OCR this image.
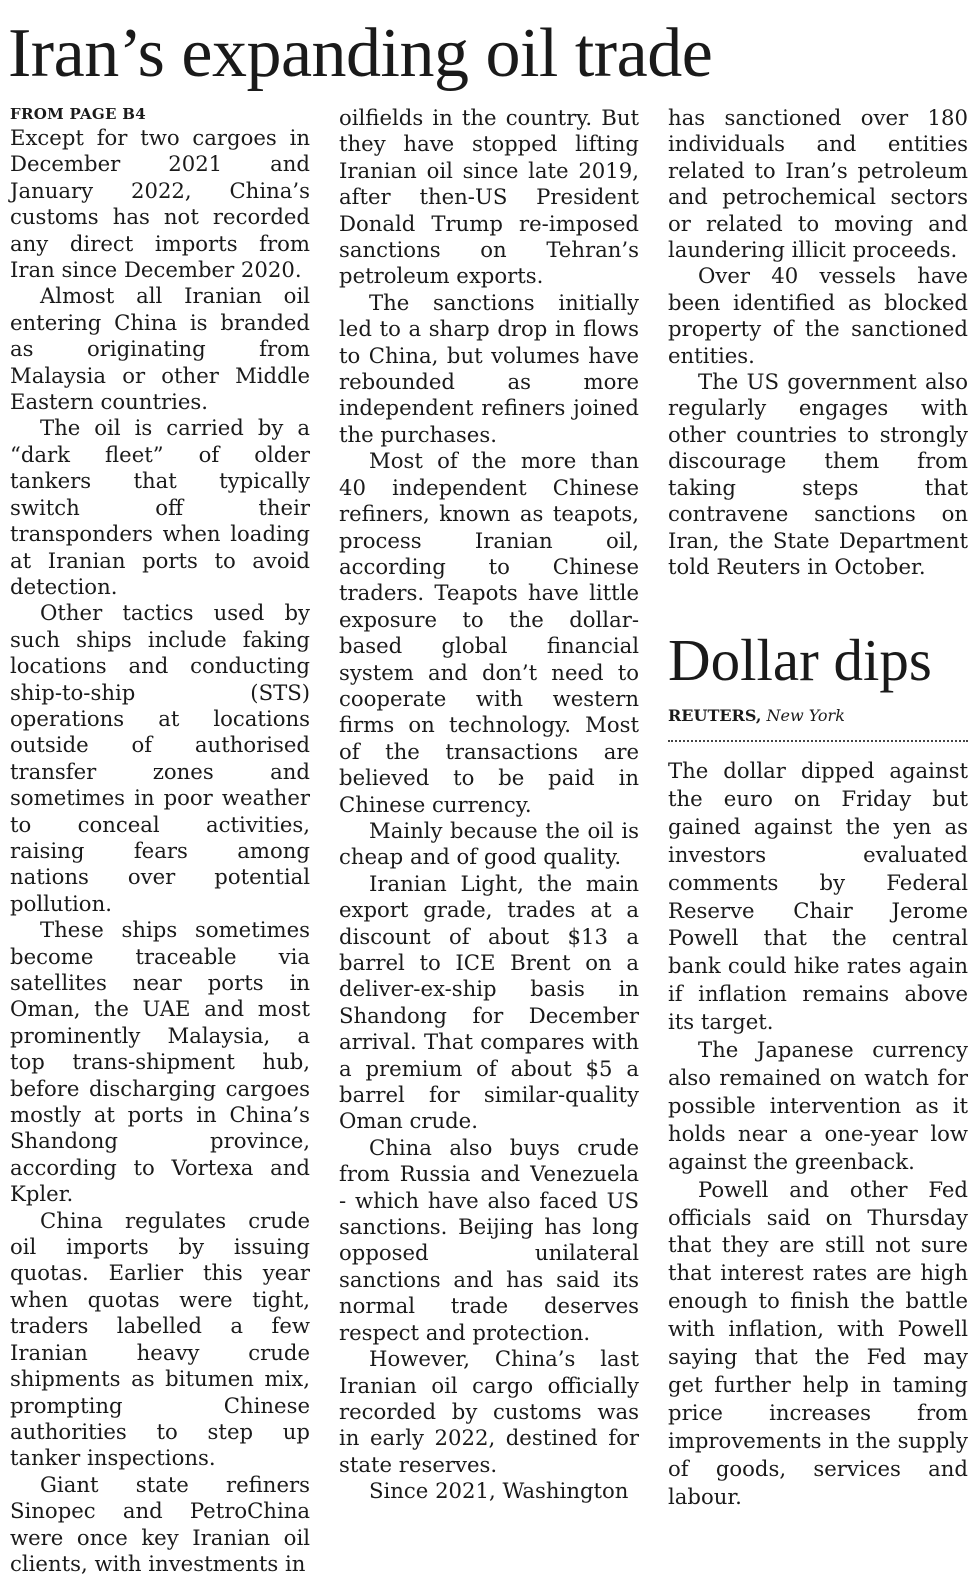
Iran’s expanding oil trade
FROM PAGE B4

Except for two cargoes in December 2021 and January 2022, China’s customs has not recorded any direct imports from Iran since December 2020.

Almost all Iranian oil entering China is branded as originating from Malaysia or other Middle Eastern countries.

The oil is carried by a “dark fleet” of older tankers that typically switch off their transponders when loading at Iranian ports to avoid detection.

Other tactics used by such ships include faking locations and conducting ship-to-ship (STS) operations at locations outside of authorised transfer zones and sometimes in poor weather to conceal activities, raising fears among nations over potential pollution.

These ships sometimes become traceable via satellites near ports in Oman, the UAE and most prominently Malaysia, a top trans-shipment hub, before discharging cargoes mostly at ports in China’s Shandong province, according to Vortexa and Kpler.

China regulates crude oil imports by issuing quotas. Earlier this year when quotas were tight, traders labelled a few Iranian heavy crude shipments as bitumen mix, prompting Chinese authorities to step up tanker inspections.

Giant state refiners Sinopec and PetroChina were once key Iranian oil clients, with investments in

oilfields in the country. But they have stopped lifting Iranian oil since late 2019, after then-US President Donald Trump re-imposed sanctions on Tehran’s petroleum exports.

The sanctions initially led to a sharp drop in flows to China, but volumes have rebounded as more independent refiners joined the purchases.

Most of the more than 40 independent Chinese refiners, known as teapots, process Iranian oil, according to Chinese traders. Teapots have little exposure to the dollar-based global financial system and don’t need to cooperate with western firms on technology. Most of the transactions are believed to be paid in Chinese currency.

Mainly because the oil is cheap and of good quality.

Iranian Light, the main export grade, trades at a discount of about $13 a barrel to ICE Brent on a deliver-ex-ship basis in Shandong for December arrival. That compares with a premium of about $5 a barrel for similar-quality Oman crude.

China also buys crude from Russia and Venezuela - which have also faced US sanctions. Beijing has long opposed unilateral sanctions and has said its normal trade deserves respect and protection.

However, China’s last Iranian oil cargo officially recorded by customs was in early 2022, destined for state reserves.

Since 2021, Washington

has sanctioned over 180 individuals and entities related to Iran’s petroleum and petrochemical sectors or related to moving and laundering illicit proceeds.

Over 40 vessels have been identified as blocked property of the sanctioned entities.

The US government also regularly engages with other countries to strongly discourage them from taking steps that contravene sanctions on Iran, the State Department told Reuters in October.

Dollar dips
REUTERS, New York

The dollar dipped against the euro on Friday but gained against the yen as investors evaluated comments by Federal Reserve Chair Jerome Powell that the central bank could hike rates again if inflation remains above its target.

The Japanese currency also remained on watch for possible intervention as it holds near a one-year low against the greenback.

Powell and other Fed officials said on Thursday that they are still not sure that interest rates are high enough to finish the battle with inflation, with Powell saying that the Fed may get further help in taming price increases from improvements in the supply of goods, services and labour.
